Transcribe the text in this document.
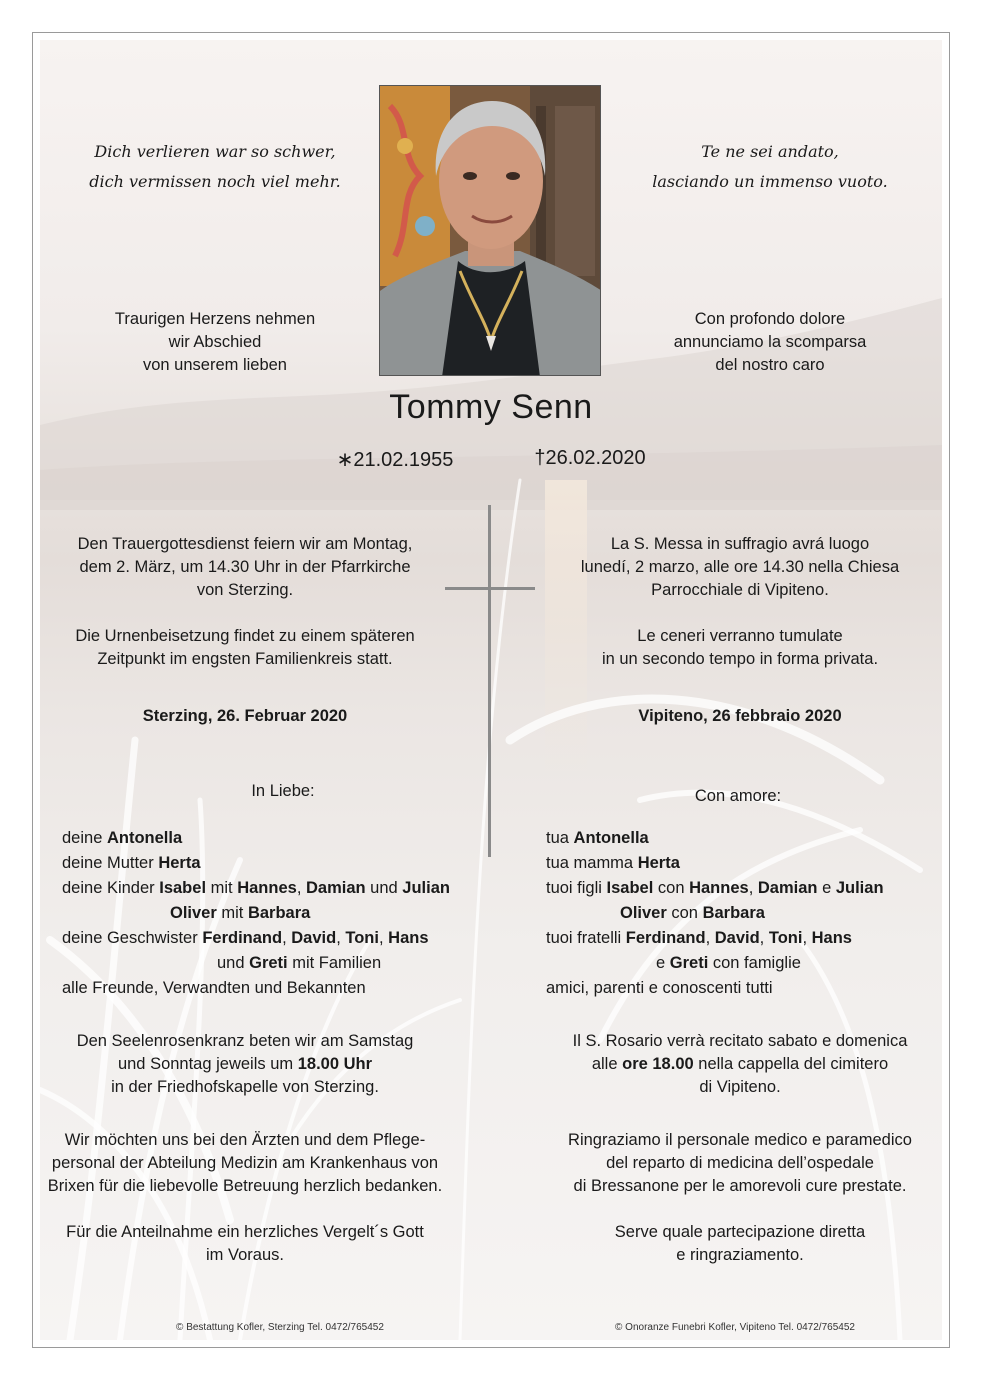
Dich verlieren war so schwer,
dich vermissen noch viel mehr.
Te ne sei andato,
lasciando un immenso vuoto.
Traurigen Herzens nehmen
wir Abschied
von unserem lieben
Con profondo dolore
annunciamo la scomparsa
del nostro caro
Tommy Senn
∗21.02.1955	†26.02.2020
Den Trauergottesdienst feiern wir am Montag,
dem 2. März, um 14.30 Uhr in der Pfarrkirche
von Sterzing.
Die Urnenbeisetzung findet zu einem späteren
Zeitpunkt im engsten Familienkreis statt.
Sterzing, 26. Februar 2020
La S. Messa in suffragio avrá luogo
lunedí, 2 marzo, alle ore 14.30 nella Chiesa
Parrocchiale di Vipiteno.
Le ceneri verranno tumulate
in un secondo tempo in forma privata.
Vipiteno, 26 febbraio 2020
In Liebe:
deine Antonella
deine Mutter Herta
deine Kinder Isabel mit Hannes, Damian und Julian
Oliver mit Barbara
deine Geschwister Ferdinand, David, Toni, Hans
und Greti mit Familien
alle Freunde, Verwandten und Bekannten
Con amore:
tua Antonella
tua mamma Herta
tuoi figli Isabel con Hannes, Damian e Julian
Oliver con Barbara
tuoi fratelli Ferdinand, David, Toni, Hans
e Greti con famiglie
amici, parenti e conoscenti tutti
Den Seelenrosenkranz beten wir am Samstag
und Sonntag jeweils um 18.00 Uhr
in der Friedhofskapelle von Sterzing.
Il S. Rosario verrà recitato sabato e domenica
alle ore 18.00 nella cappella del cimitero
di Vipiteno.
Wir möchten uns bei den Ärzten und dem Pflege-
personal der Abteilung Medizin am Krankenhaus von
Brixen für die liebevolle Betreuung herzlich bedanken.
Ringraziamo il personale medico e paramedico
del reparto di medicina dell’ospedale
di Bressanone per le amorevoli cure prestate.
Für die Anteilnahme ein herzliches Vergelt´s Gott
im Voraus.
Serve quale partecipazione diretta
e ringraziamento.
© Bestattung Kofler, Sterzing Tel. 0472/765452	© Onoranze Funebri Kofler, Vipiteno Tel. 0472/765452
